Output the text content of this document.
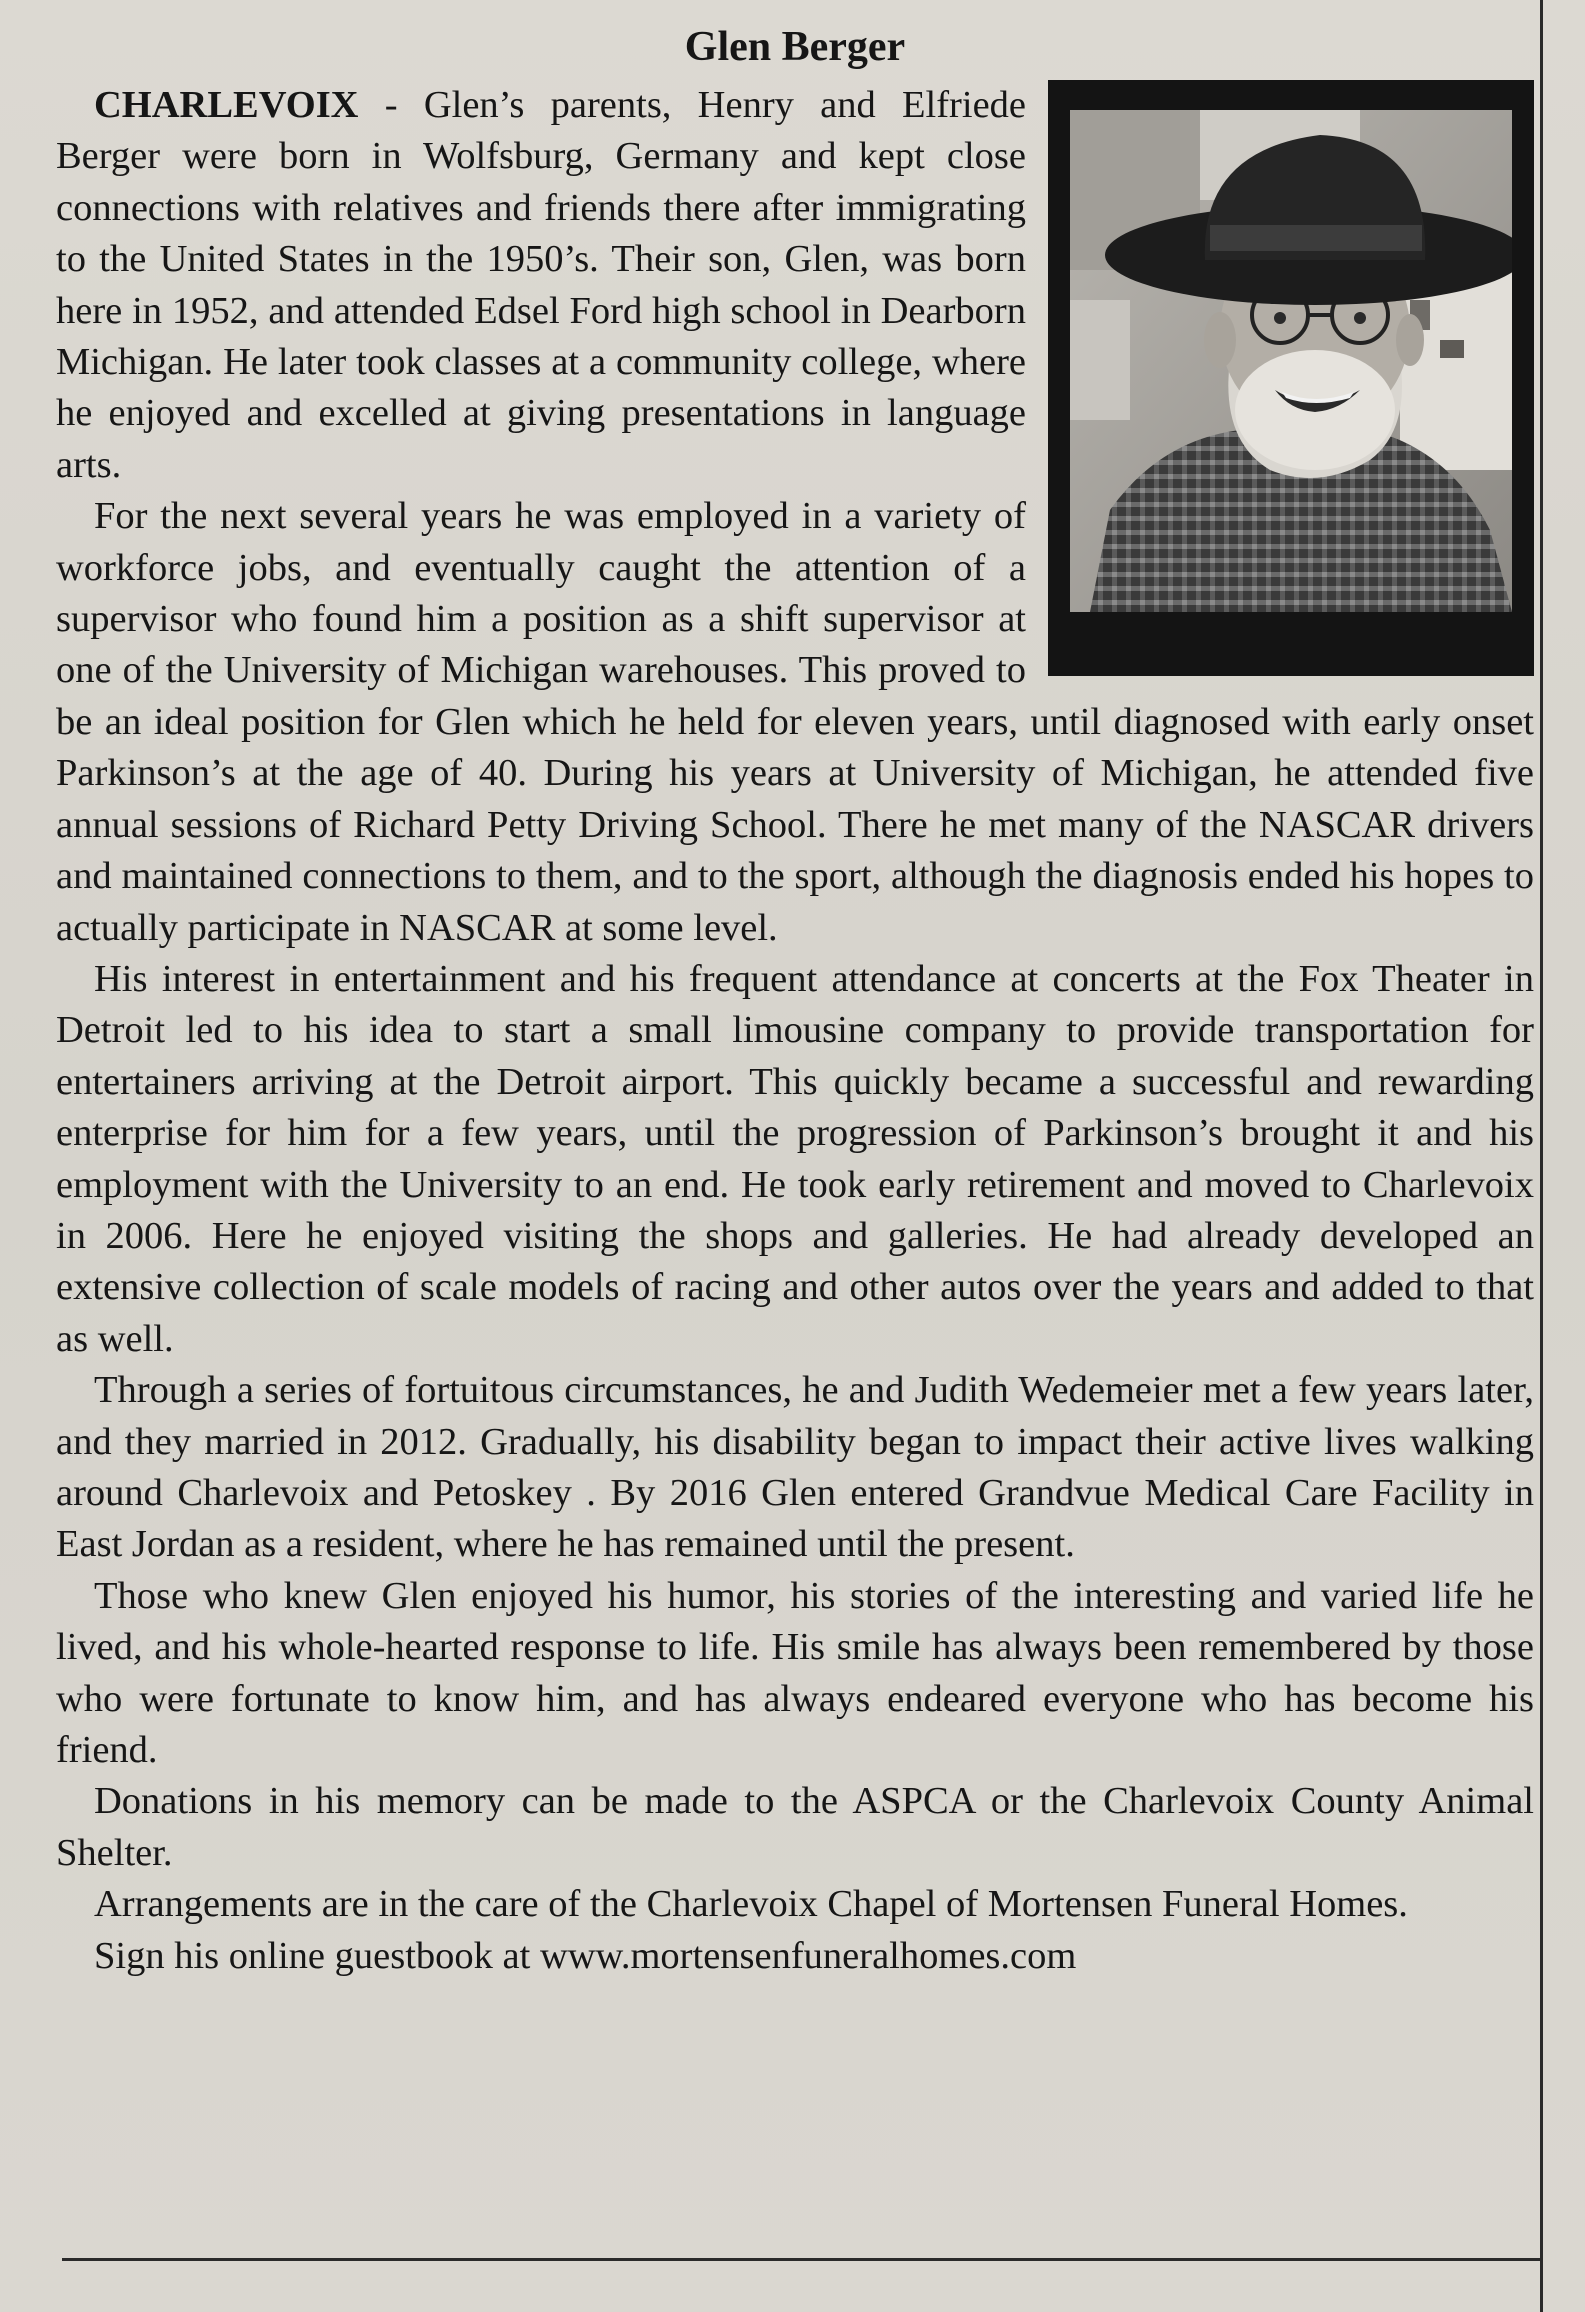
Glen Berger

CHARLEVOIX - Glen’s parents, Henry and Elfriede Berger were born in Wolfsburg, Germany and kept close connections with relatives and friends there after immigrating to the United States in the 1950’s. Their son, Glen, was born here in 1952, and attended Edsel Ford high school in Dearborn Michigan. He later took classes at a community college, where he enjoyed and excelled at giving presentations in language arts.

For the next several years he was employed in a variety of workforce jobs, and eventually caught the attention of a supervisor who found him a position as a shift supervisor at one of the University of Michigan warehouses. This proved to be an ideal position for Glen which he held for eleven years, until diagnosed with early onset Parkinson’s at the age of 40. During his years at University of Michigan, he attended five annual sessions of Richard Petty Driving School. There he met many of the NASCAR drivers and maintained connections to them, and to the sport, although the diagnosis ended his hopes to actually participate in NASCAR at some level.

His interest in entertainment and his frequent attendance at concerts at the Fox Theater in Detroit led to his idea to start a small limousine company to provide transportation for entertainers arriving at the Detroit airport. This quickly became a successful and rewarding enterprise for him for a few years, until the progression of Parkinson’s brought it and his employment with the University to an end. He took early retirement and moved to Charlevoix in 2006. Here he enjoyed visiting the shops and galleries. He had already developed an extensive collection of scale models of racing and other autos over the years and added to that as well.

Through a series of fortuitous circumstances, he and Judith Wedemeier met a few years later, and they married in 2012. Gradually, his disability began to impact their active lives walking around Charlevoix and Petoskey . By 2016 Glen entered Grandvue Medical Care Facility in East Jordan as a resident, where he has remained until the present.

Those who knew Glen enjoyed his humor, his stories of the interesting and varied life he lived, and his whole-hearted response to life. His smile has always been remembered by those who were fortunate to know him, and has always endeared everyone who has become his friend.

Donations in his memory can be made to the ASPCA or the Charlevoix County Animal Shelter.

Arrangements are in the care of the Charlevoix Chapel of Mortensen Funeral Homes.

Sign his online guestbook at www.mortensenfuneralhomes.com
